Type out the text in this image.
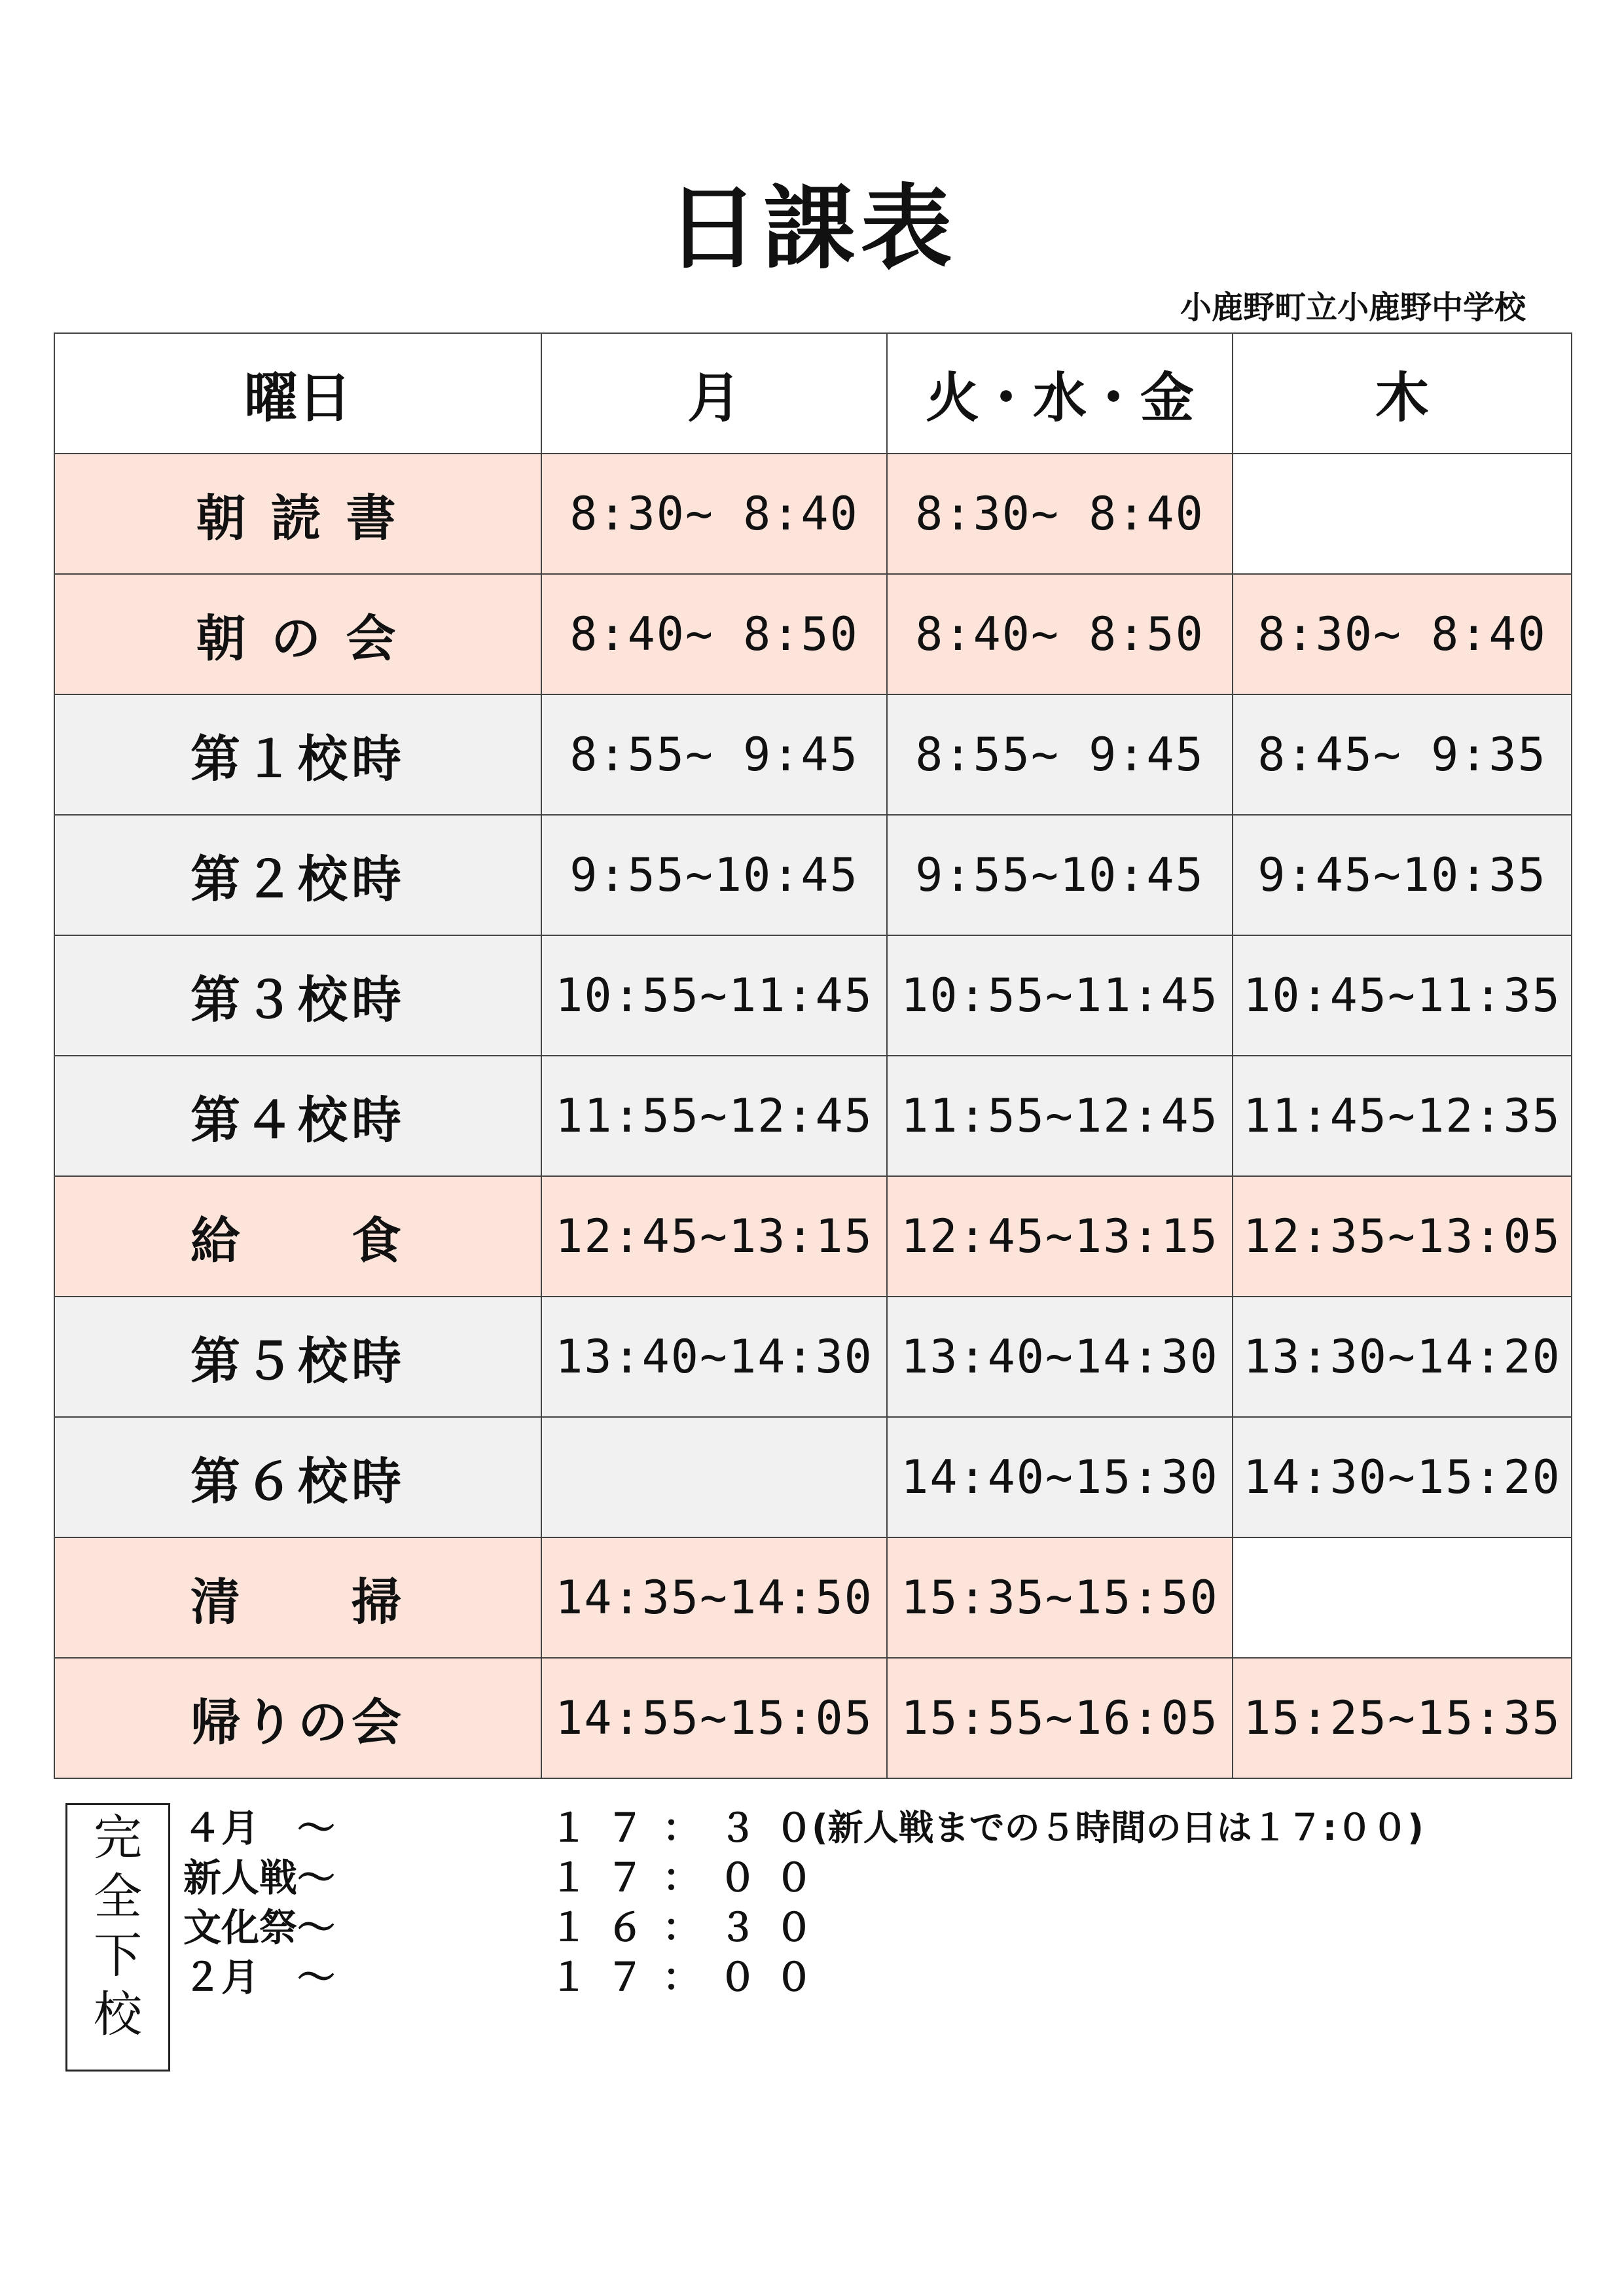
日課表
小鹿野町立小鹿野中学校
曜日	月	火・水・金	木
朝 読 書	8:30~ 8:40	8:30~ 8:40	
朝 の 会	8:40~ 8:50	8:40~ 8:50	8:30~ 8:40
第１校時	8:55~ 9:45	8:55~ 9:45	8:45~ 9:35
第２校時	9:55~10:45	9:55~10:45	9:45~10:35
第３校時	10:55~11:45	10:55~11:45	10:45~11:35
第４校時	11:55~12:45	11:55~12:45	11:45~12:35
給　　食	12:45~13:15	12:45~13:15	12:35~13:05
第５校時	13:40~14:30	13:40~14:30	13:30~14:20
第６校時		14:40~15:30	14:30~15:20
清　　掃	14:35~14:50	15:35~15:50	
帰りの会	14:55~15:05	15:55~16:05	15:25~15:35
完
全
下
校
４月　～	１７：３０
(新人戦までの５時間の日は１７:００)
新人戦～	１７：００
文化祭～	１６：３０
２月　～	１７：００
